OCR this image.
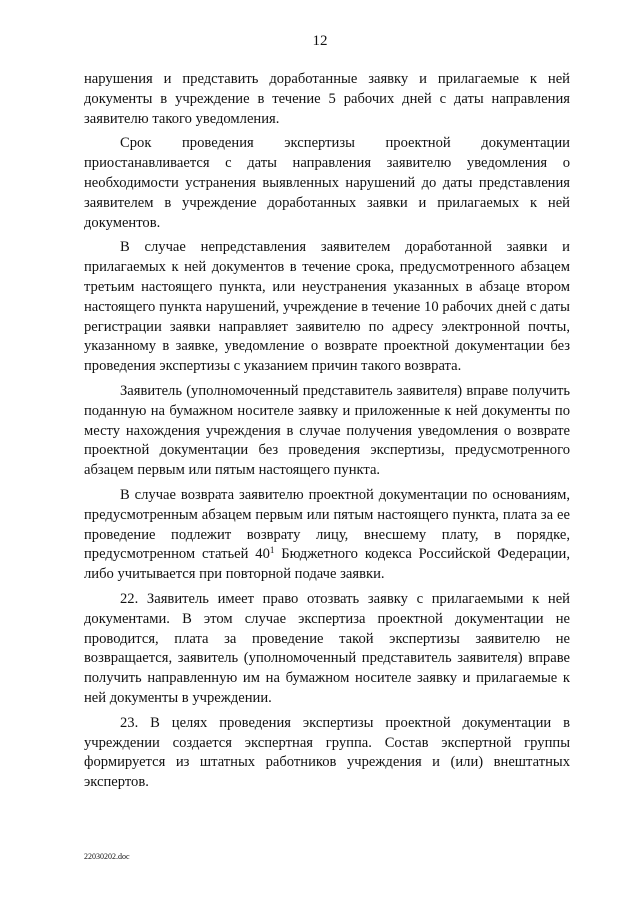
12

нарушения и представить доработанные заявку и прилагаемые к ней документы в учреждение в течение 5 рабочих дней с даты направления заявителю такого уведомления.

Срок проведения экспертизы проектной документации приостанавливается с даты направления заявителю уведомления о необходимости устранения выявленных нарушений до даты представления заявителем в учреждение доработанных заявки и прилагаемых к ней документов.

В случае непредставления заявителем доработанной заявки и прилагаемых к ней документов в течение срока, предусмотренного абзацем третьим настоящего пункта, или неустранения указанных в абзаце втором настоящего пункта нарушений, учреждение в течение 10 рабочих дней с даты регистрации заявки направляет заявителю по адресу электронной почты, указанному в заявке, уведомление о возврате проектной документации без проведения экспертизы с указанием причин такого возврата.

Заявитель (уполномоченный представитель заявителя) вправе получить поданную на бумажном носителе заявку и приложенные к ней документы по месту нахождения учреждения в случае получения уведомления о возврате проектной документации без проведения экспертизы, предусмотренного абзацем первым или пятым настоящего пункта.

В случае возврата заявителю проектной документации по основаниям, предусмотренным абзацем первым или пятым настоящего пункта, плата за ее проведение подлежит возврату лицу, внесшему плату, в порядке, предусмотренном статьей $40^1$ Бюджетного кодекса Российской Федерации, либо учитывается при повторной подаче заявки.

22. Заявитель имеет право отозвать заявку с прилагаемыми к ней документами. В этом случае экспертиза проектной документации не проводится, плата за проведение такой экспертизы заявителю не возвращается, заявитель (уполномоченный представитель заявителя) вправе получить направленную им на бумажном носителе заявку и прилагаемые к ней документы в учреждении.

23. В целях проведения экспертизы проектной документации в учреждении создается экспертная группа. Состав экспертной группы формируется из штатных работников учреждения и (или) внештатных экспертов.

22030202.doc
